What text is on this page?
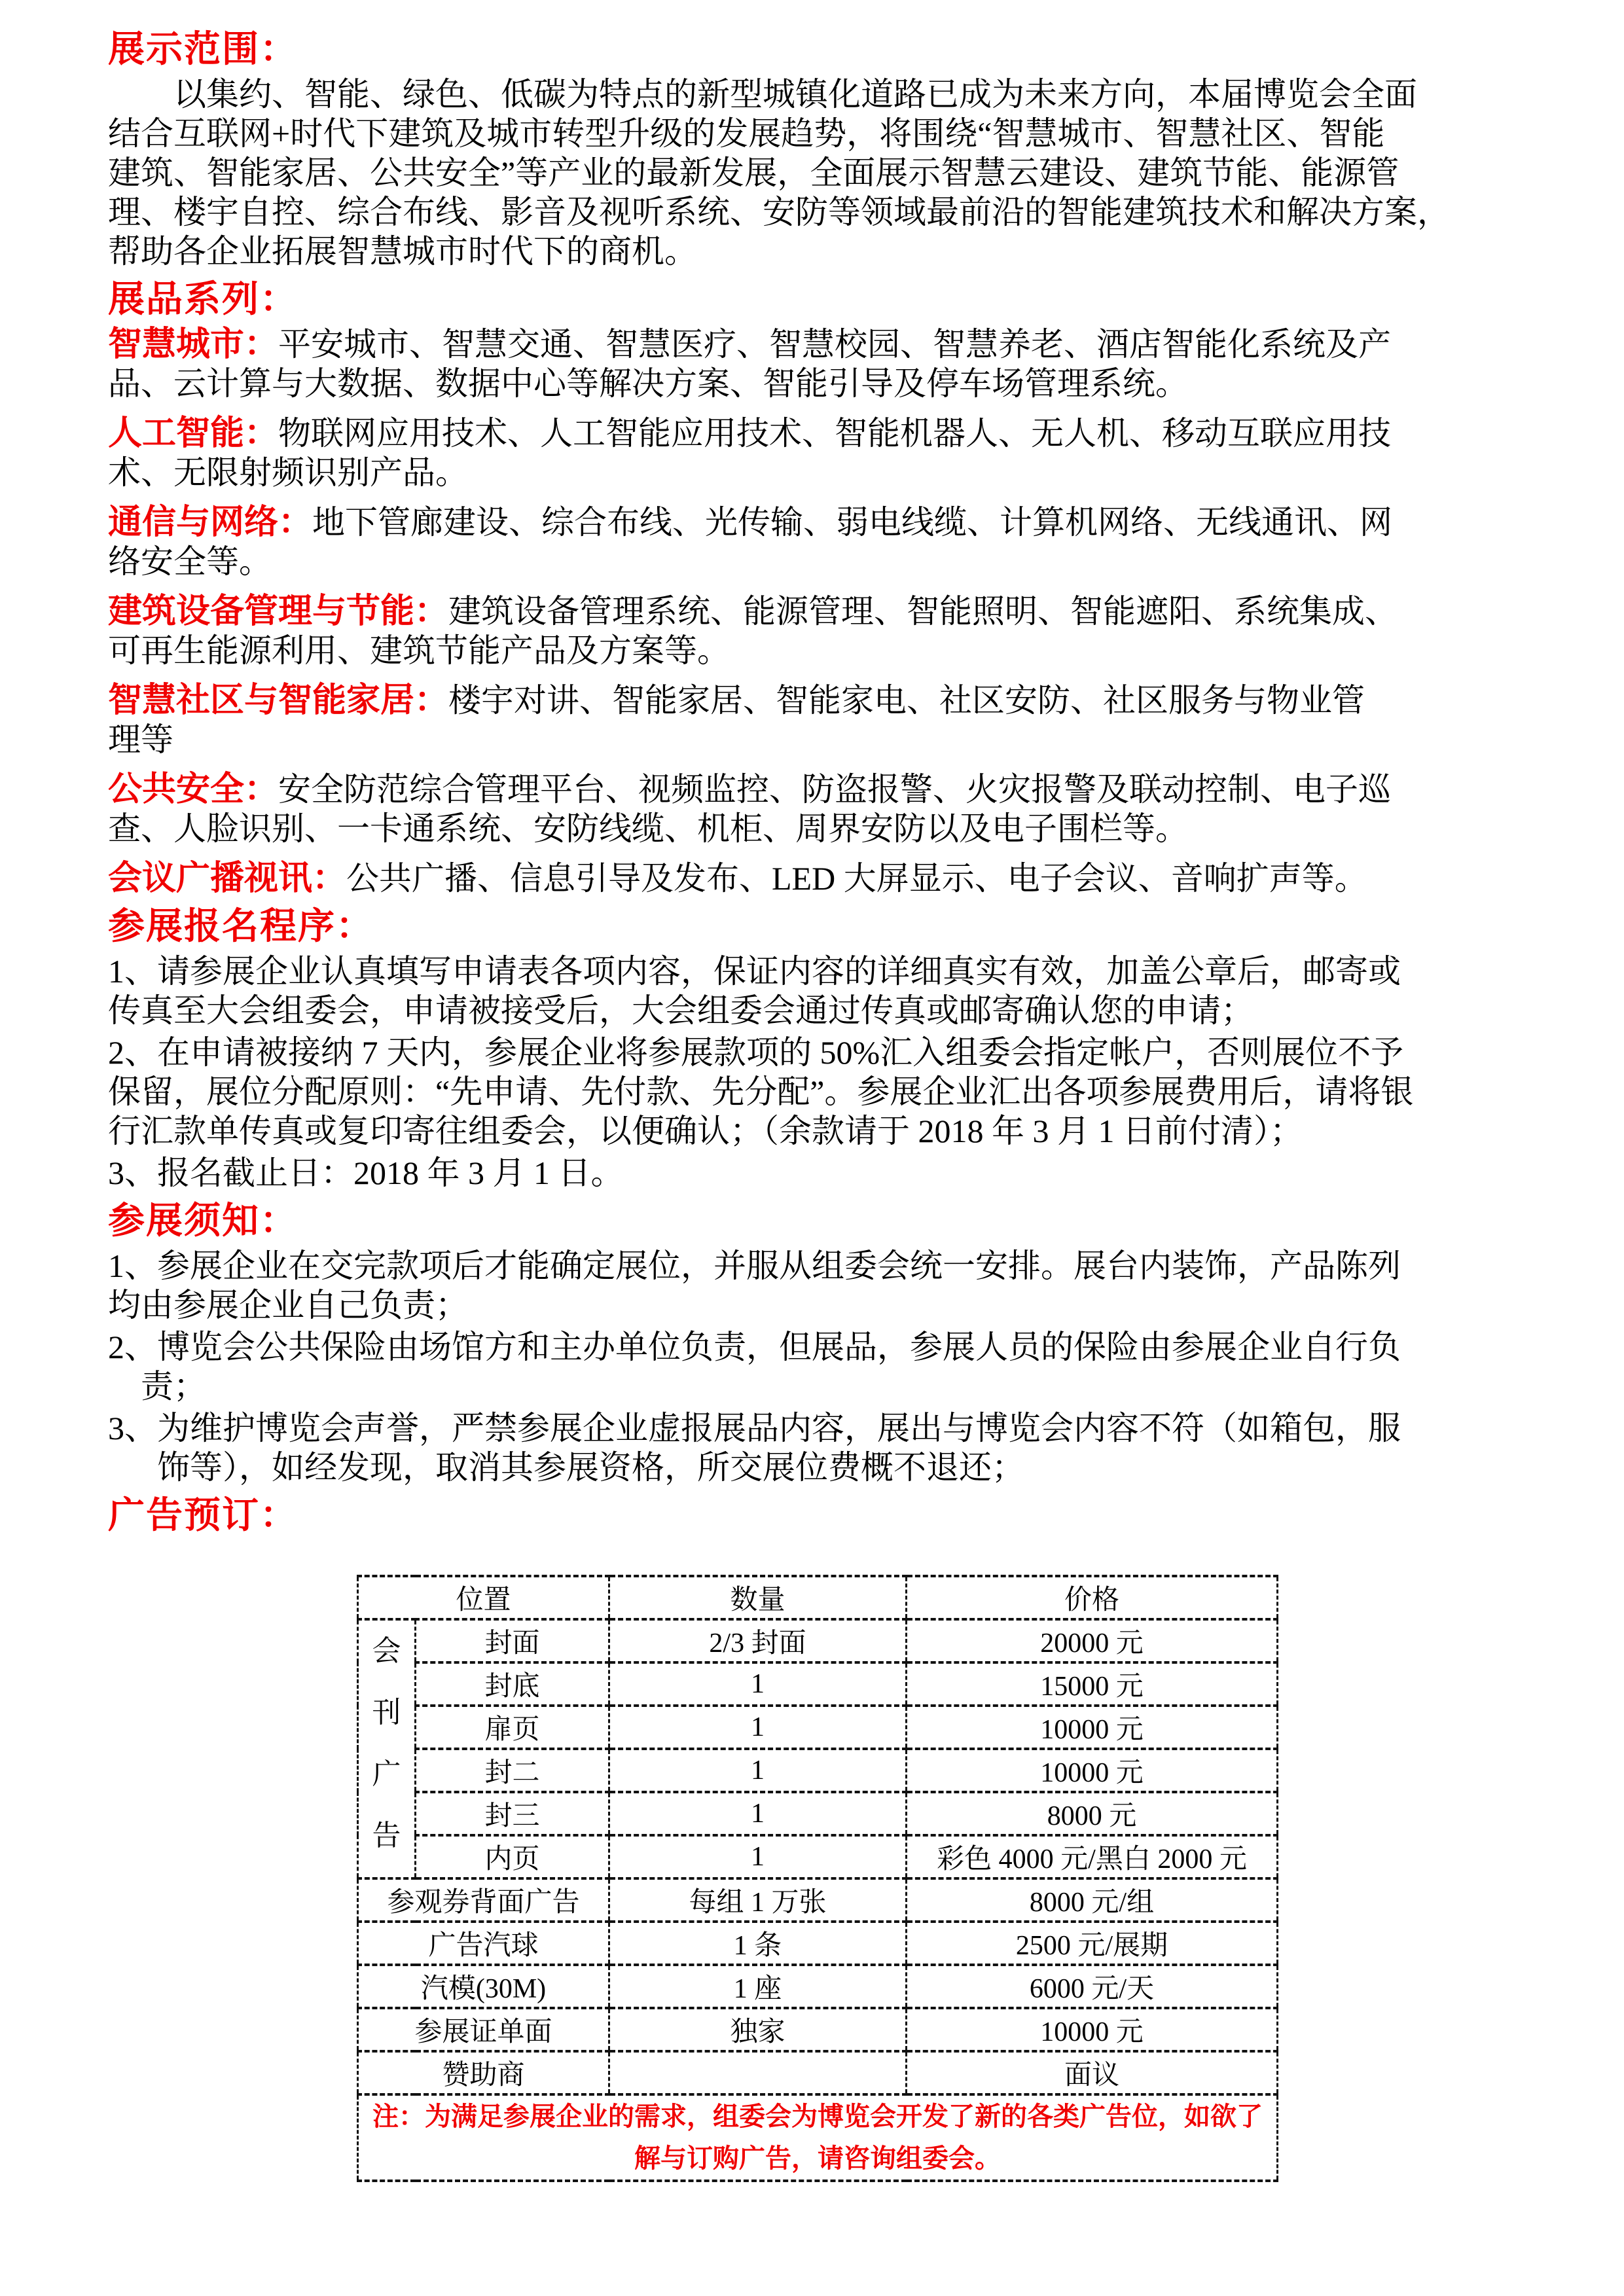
展示范围：
以集约、智能、绿色、低碳为特点的新型城镇化道路已成为未来方向，本届博览会全面
结合互联网+时代下建筑及城市转型升级的发展趋势，将围绕“智慧城市、智慧社区、智能
建筑、智能家居、公共安全”等产业的最新发展，全面展示智慧云建设、建筑节能、能源管
理、楼宇自控、综合布线、影音及视听系统、安防等领域最前沿的智能建筑技术和解决方案，
帮助各企业拓展智慧城市时代下的商机。
展品系列：
智慧城市：平安城市、智慧交通、智慧医疗、智慧校园、智慧养老、酒店智能化系统及产
品、云计算与大数据、数据中心等解决方案、智能引导及停车场管理系统。
人工智能：物联网应用技术、人工智能应用技术、智能机器人、无人机、移动互联应用技
术、无限射频识别产品。
通信与网络：地下管廊建设、综合布线、光传输、弱电线缆、计算机网络、无线通讯、网
络安全等。
建筑设备管理与节能：建筑设备管理系统、能源管理、智能照明、智能遮阳、系统集成、
可再生能源利用、建筑节能产品及方案等。
智慧社区与智能家居：楼宇对讲、智能家居、智能家电、社区安防、社区服务与物业管
理等
公共安全：安全防范综合管理平台、视频监控、防盗报警、火灾报警及联动控制、电子巡
查、人脸识别、一卡通系统、安防线缆、机柜、周界安防以及电子围栏等。
会议广播视讯：公共广播、信息引导及发布、LED 大屏显示、电子会议、音响扩声等。
参展报名程序：
1、请参展企业认真填写申请表各项内容，保证内容的详细真实有效，加盖公章后，邮寄或
传真至大会组委会，申请被接受后，大会组委会通过传真或邮寄确认您的申请；
2、在申请被接纳 7 天内，参展企业将参展款项的 50%汇入组委会指定帐户，否则展位不予
保留，展位分配原则：“先申请、先付款、先分配”。参展企业汇出各项参展费用后，请将银
行汇款单传真或复印寄往组委会，以便确认；（余款请于 2018 年 3 月 1 日前付清）；
3、报名截止日：2018 年 3 月 1 日。
参展须知：
1、参展企业在交完款项后才能确定展位，并服从组委会统一安排。展台内装饰，产品陈列
均由参展企业自己负责；
2、博览会公共保险由场馆方和主办单位负责，但展品，参展人员的保险由参展企业自行负
责；
3、为维护博览会声誉，严禁参展企业虚报展品内容，展出与博览会内容不符（如箱包，服
饰等），如经发现，取消其参展资格，所交展位费概不退还；
广告预订：
位置		数量	价格

会
刊
广
告	封面	2/3 封面	20000 元
	封底	1	15000 元
	扉页	1	10000 元
	封二	1	10000 元
	封三	1	8000 元
	内页	1	彩色 4000 元/黑白 2000 元
参观券背面广告		每组 1 万张	8000 元/组
广告汽球		1 条	2500 元/展期
汽模(30M)		1 座	6000 元/天
参展证单面		独家	10000 元
赞助商			面议
注：为满足参展企业的需求，组委会为博览会开发了新的各类广告位，如欲了解与订购广告，请咨询组委会。			
